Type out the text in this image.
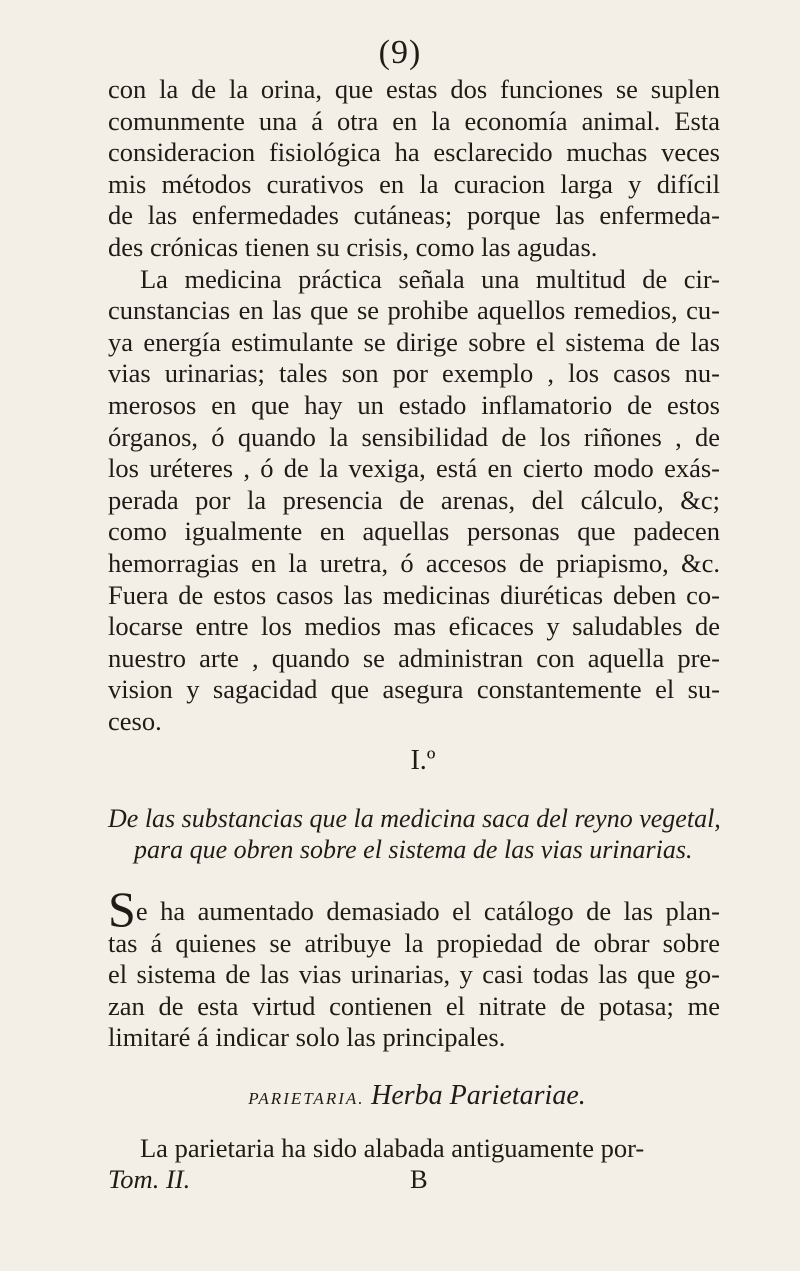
(9)
con la de la orina, que estas dos funciones se suplen
comunmente una á otra en la economía animal. Esta
consideracion fisiológica ha esclarecido muchas veces
mis métodos curativos en la curacion larga y difícil
de las enfermedades cutáneas; porque las enfermeda-
des crónicas tienen su crisis, como las agudas.
La medicina práctica señala una multitud de cir-
cunstancias en las que se prohibe aquellos remedios, cu-
ya energía estimulante se dirige sobre el sistema de las
vias urinarias; tales son por exemplo , los casos nu-
merosos en que hay un estado inflamatorio de estos
órganos, ó quando la sensibilidad de los riñones , de
los uréteres , ó de la vexiga, está en cierto modo exás-
perada por la presencia de arenas, del cálculo, &c;
como igualmente en aquellas personas que padecen
hemorragias en la uretra, ó accesos de priapismo, &c.
Fuera de estos casos las medicinas diuréticas deben co-
locarse entre los medios mas eficaces y saludables de
nuestro arte , quando se administran con aquella pre-
vision y sagacidad que asegura constantemente el su-
ceso.
I.º
De las substancias que la medicina saca del reyno vegetal,
para que obren sobre el sistema de las vias urinarias.
Se ha aumentado demasiado el catálogo de las plan-
tas á quienes se atribuye la propiedad de obrar sobre
el sistema de las vias urinarias, y casi todas las que go-
zan de esta virtud contienen el nitrate de potasa; me
limitaré á indicar solo las principales.
PARIETARIA. Herba Parietariae.
La parietaria ha sido alabada antiguamente por-
Tom. II.	B
